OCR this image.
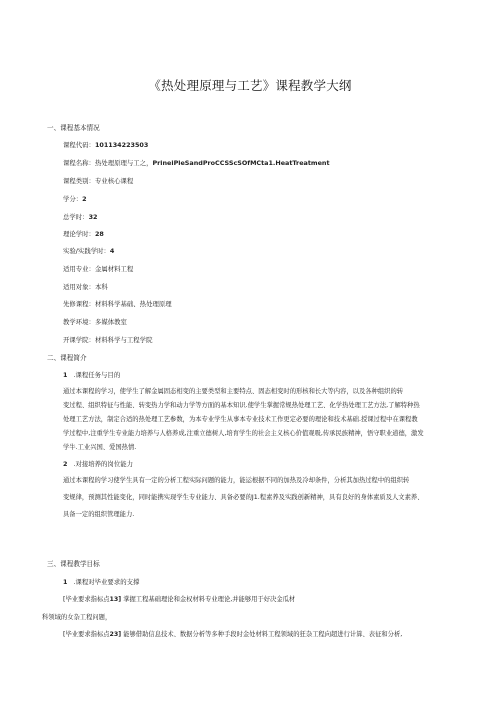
《热处理原理与工艺》课程教学大纲
一、课程基本情况
课程代码：101134223503
课程名称：热处理原理与工之，PrineiPleSandProCCSScSOfMCta1.HeatTreatment
课程类别：专业核心课程
学分：2
总学时：32
理论学时：28
实验/实践学时：4
适用专业：金属材料工程
适用对象：本科
先修课程：材料科学基础、热处理原理
教学环境：多媒体教室
开课学院：材料科学与工程学院
二、课程简介
1 .课程任务与目的
通过本课程的学习，使学生了解金属固态相变的主要类型和主要特点、固态相变时的形核和长大等内容，以及各种组织的转
变过程、组织特征与性能、转变热力学和动力学等方面的基本知识.使学生掌握常规热处理工艺、化学热处理工艺方法,了解特种热
处理工艺方法，制定合适的热处理工艺参数，为本专业学生从事本专业技术工作更定必要的理论和技术基础.授课过程中在课程教
学过程中,注重学生专业能力培养与人格养成,注重立德树人,培育学生的社会主义核心价值观吸,传承民族精神，悟守职业道德，激发
学牛.工业兴国、爱国热情.
2 .对接培养的岗位能力
通过本课程的学习使学生具有一定的分析工程实际问题的能力，能运根据不同的加热及冷却条件，分析其加热过程中的组织转
变规律，预测其性能变化，同时能携实现学生专业能力、具备必要的J1.程素养及实践创新精神，具有良好的身体素质及人文素养、
具备一定的组织管理能力.
三、课程教学目标
1 .课程对毕业要求的支撑
[毕业要求指标点13] 掌握工程基础理论和金权材料专业理论,并能够用于好决金瓜材
科领域的女杂工程问题，
[毕业要求指标点23] 能够借助信息技术、数据分析等多种手段时金处材料工程领域的狂杂工程向超进行计算、表征和分析,
